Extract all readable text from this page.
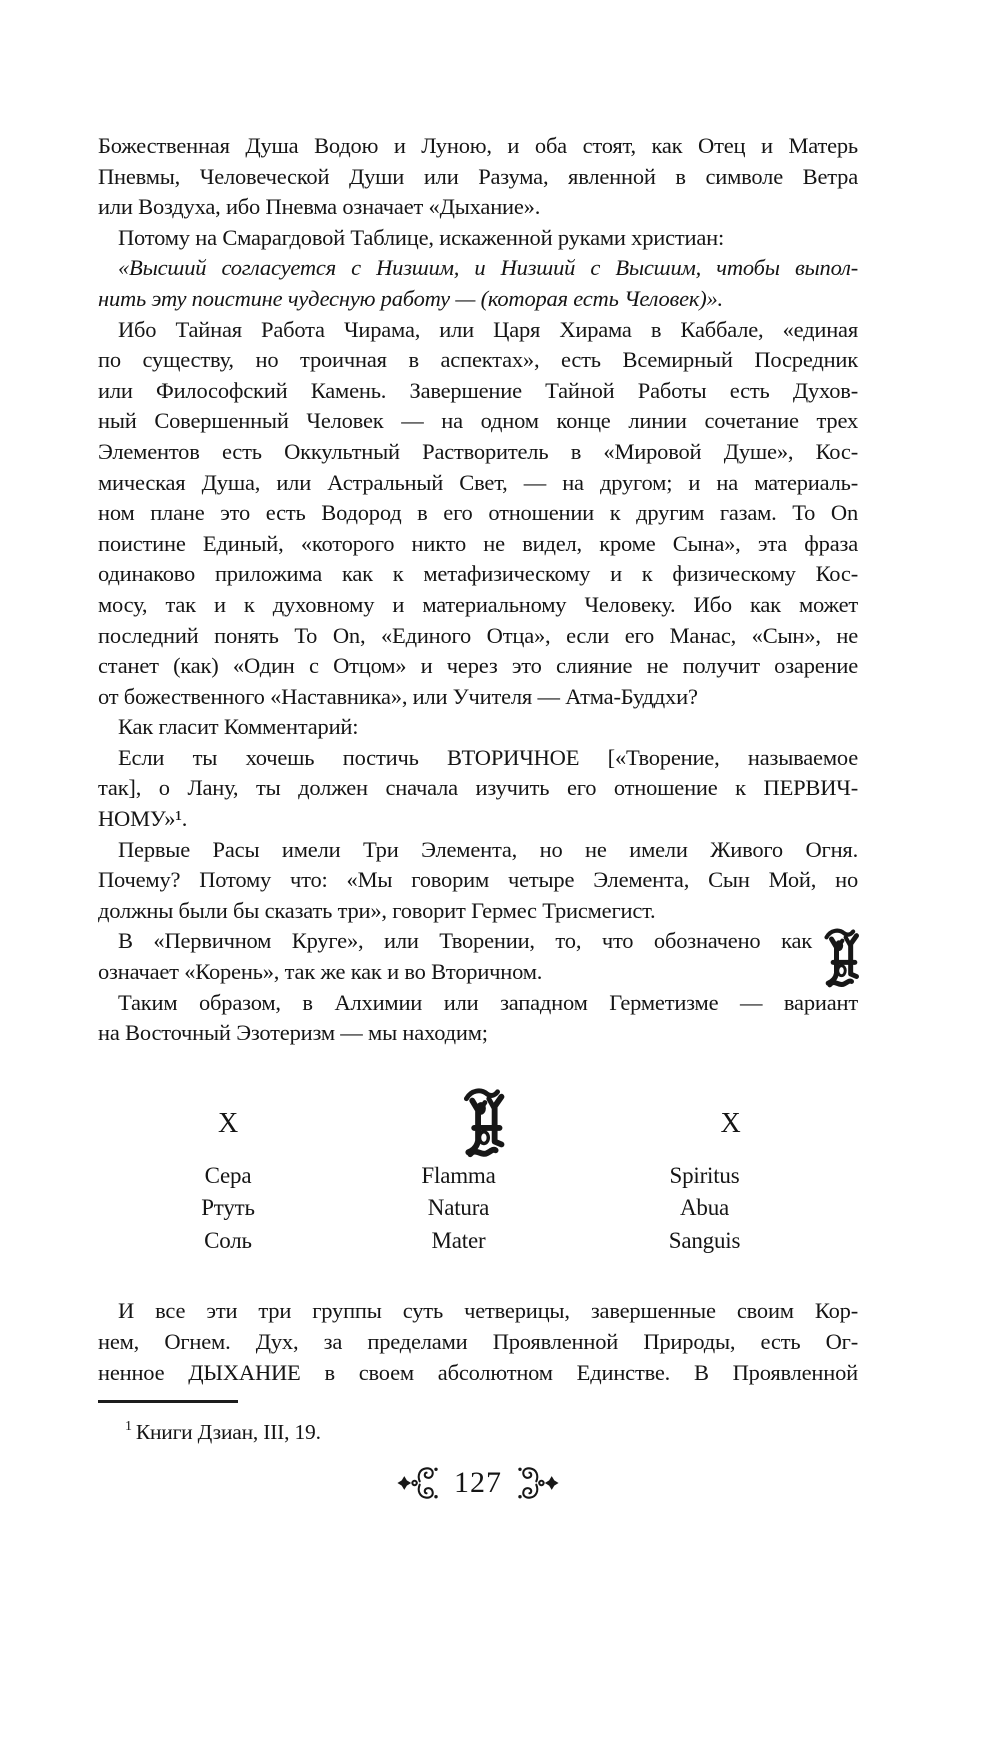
Божественная Душа Водою и Луною, и оба стоят, как Отец и Матерь
Пневмы, Человеческой Души или Разума, явленной в символе Ветра
или Воздуха, ибо Пневма означает «Дыхание».
Потому на Смарагдовой Таблице, искаженной руками христиан:
«Высший согласуется с Низшим, и Низший с Высшим, чтобы выпол-
нить эту поистине чудесную работу — (которая есть Человек)».
Ибо Тайная Работа Чирама, или Царя Хирама в Каббале, «единая
по существу, но троичная в аспектах», есть Всемирный Посредник
или Философский Камень. Завершение Тайной Работы есть Духов-
ный Совершенный Человек — на одном конце линии сочетание трех
Элементов есть Оккультный Растворитель в «Мировой Душе», Кос-
мическая Душа, или Астральный Свет, — на другом; и на материаль-
ном плане это есть Водород в его отношении к другим газам. То Оn
поистине Единый, «которого никто не видел, кроме Сына», эта фраза
одинаково приложима как к метафизическому и к физическому Кос-
мосу, так и к духовному и материальному Человеку. Ибо как может
последний понять То Оn, «Единого Отца», если его Манас, «Сын», не
станет (как) «Один с Отцом» и через это слияние не получит озарение
от божественного «Наставника», или Учителя — Атма-Буддхи?
Как гласит Комментарий:
Если ты хочешь постичь ВТОРИЧНОЕ [«Творение, называемое
так], о Лану, ты должен сначала изучить его отношение к ПЕРВИЧ-
НОМУ»¹.
Первые Расы имели Три Элемента, но не имели Живого Огня.
Почему? Потому что: «Мы говорим четыре Элемента, Сын Мой, но
должны были бы сказать три», говорит Гермес Трисмегист.
В «Первичном Круге», или Творении, то, что обозначено как
означает «Корень», так же как и во Вторичном.
Таким образом, в Алхимии или западном Герметизме — вариант
на Восточный Эзотеризм — мы находим;
X
Сера
Ртуть
Соль
Flamma
Natura
Mater
X
Spiritus
Abua
Sanguis
И все эти три группы суть четверицы, завершенные своим Кор-
нем, Огнем. Дух, за пределами Проявленной Природы, есть Ог-
ненное ДЫХАНИЕ в своем абсолютном Единстве. В Проявленной
$^1$ Книги Дзиан, III, 19.
127
